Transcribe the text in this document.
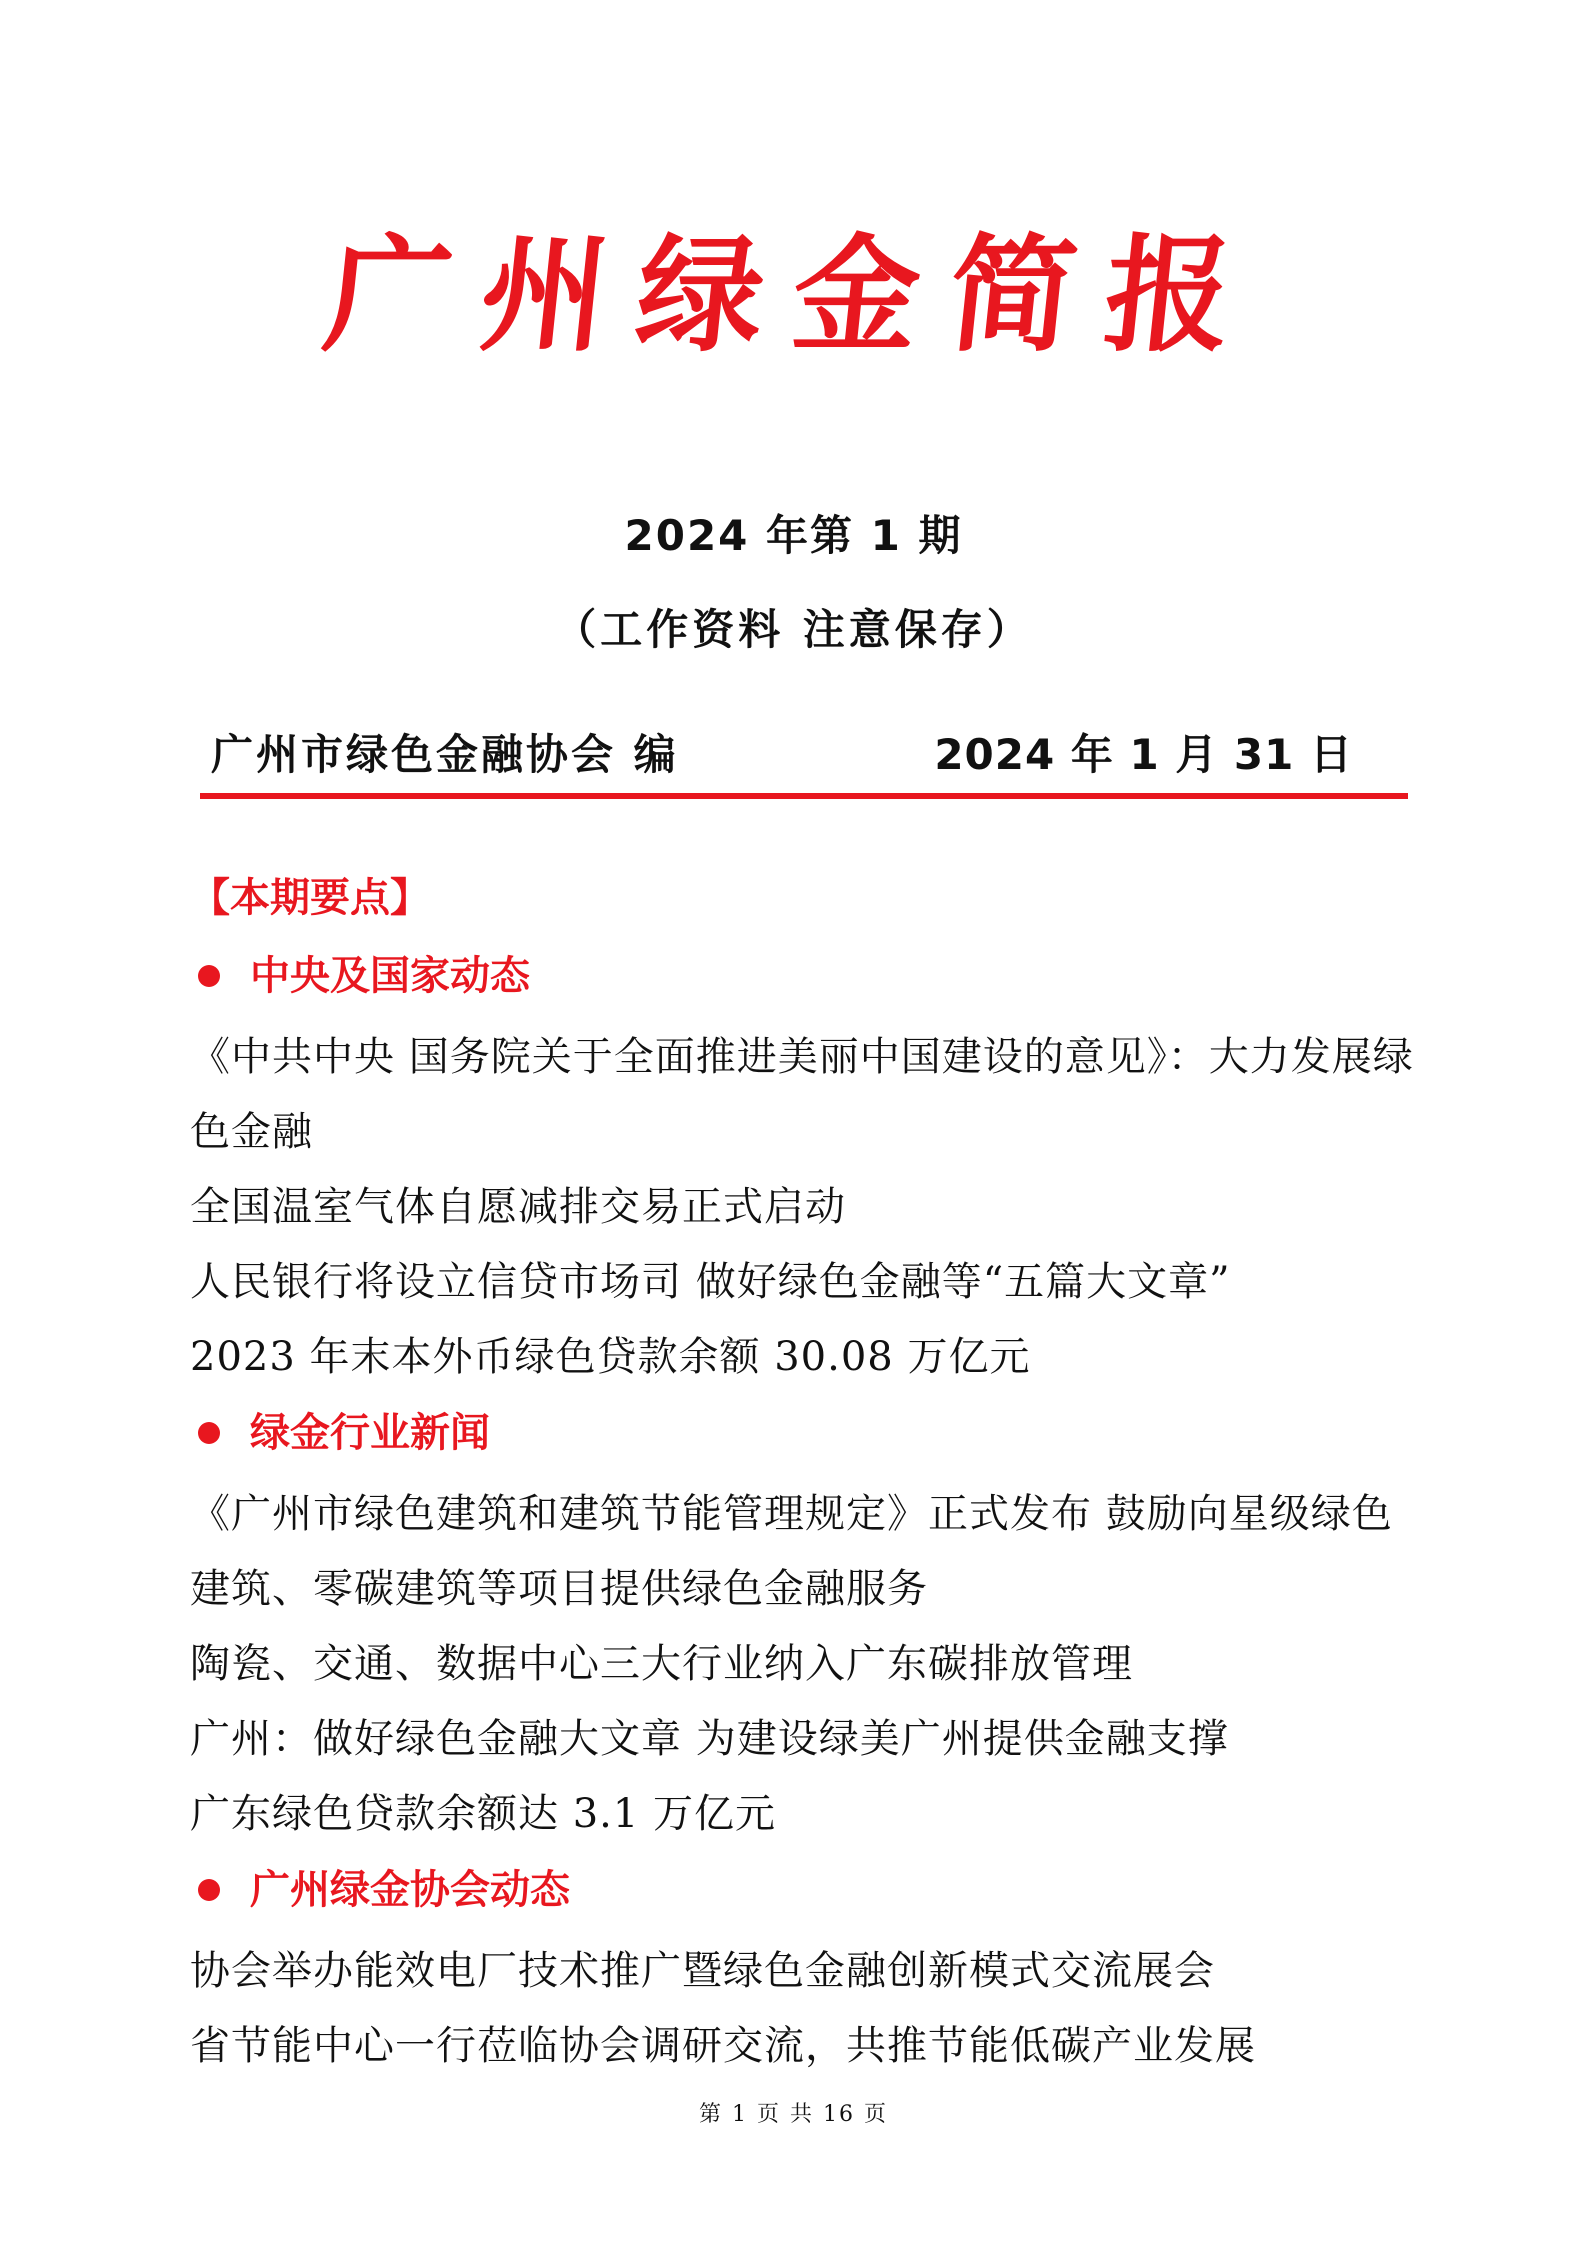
广州绿金简报
2024 年第 1 期
（工作资料 注意保存）
广州市绿色金融协会 编	2024 年 1 月 31 日
【本期要点】
中央及国家动态

《中共中央 国务院关于全面推进美丽中国建设的意见》：大力发展绿色金融

全国温室气体自愿减排交易正式启动

人民银行将设立信贷市场司 做好绿色金融等“五篇大文章”

2023 年末本外币绿色贷款余额 30.08 万亿元

绿金行业新闻

《广州市绿色建筑和建筑节能管理规定》正式发布 鼓励向星级绿色建筑、零碳建筑等项目提供绿色金融服务

陶瓷、交通、数据中心三大行业纳入广东碳排放管理

广州：做好绿色金融大文章 为建设绿美广州提供金融支撑

广东绿色贷款余额达 3.1 万亿元

广州绿金协会动态

协会举办能效电厂技术推广暨绿色金融创新模式交流展会

省节能中心一行莅临协会调研交流，共推节能低碳产业发展

第 1 页 共 16 页
